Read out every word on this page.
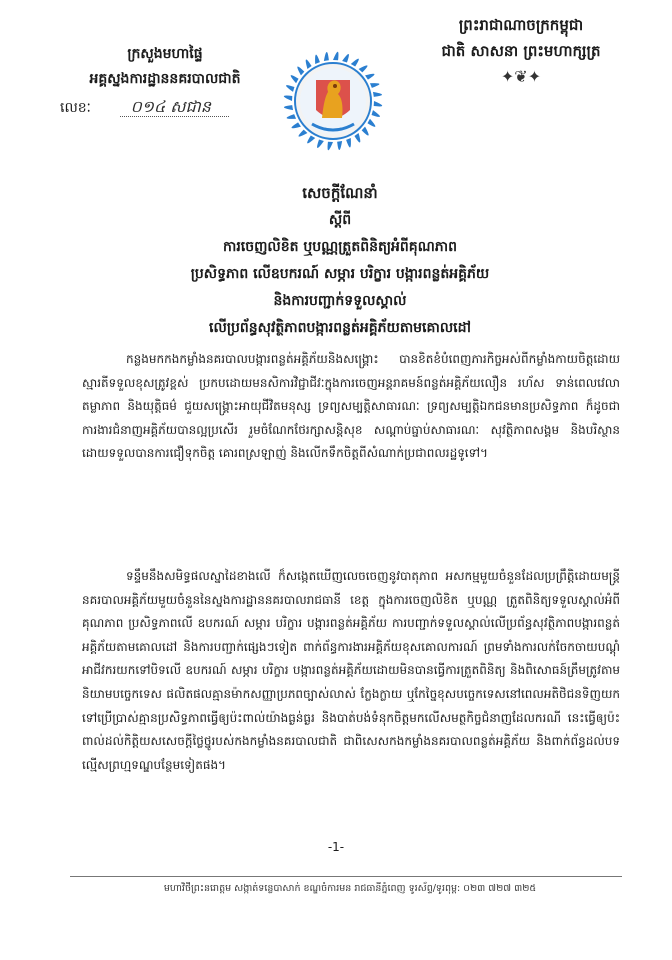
ព្រះរាជាណាចក្រកម្ពុជា
ជាតិ សាសនា ព្រះមហាក្សត្រ
✦❦✦
ក្រសួងមហាផ្ទៃ
អគ្គស្នងការដ្ឋាននគរបាលជាតិ
លេខៈ ០១៤ សជាន
សេចក្តីណែនាំ
ស្តីពី
ការចេញលិខិត ឬបណ្ណត្រួតពិនិត្យអំពីគុណភាព
ប្រសិទ្ធភាព លើឧបករណ៍ សម្ភារ បរិក្ខារ បង្ការពន្លត់អគ្គិភ័យ
និងការបញ្ជាក់ទទួលស្គាល់
លើប្រព័ន្ធសុវត្ថិភាពបង្ការពន្លត់អគ្គិភ័យតាមគោលដៅ

កន្លងមកកងកម្លាំងនគរបាលបង្ការពន្លត់អគ្គិភ័យនិងសង្គ្រោះ បានខិតខំបំពេញភារកិច្ចអស់ពីកម្លាំងកាយចិត្តដោយស្មារតីទទួលខុសត្រូវខ្ពស់ ប្រកបដោយមនសិការវិជ្ជាជីវៈក្នុងការចេញអន្តរាគមន៍ពន្លត់អគ្គិភ័យលឿន រហ័ស ទាន់ពេលវេលា តម្លាភាព និងយុត្តិធម៌ ជួយសង្គ្រោះអាយុជីវិតមនុស្ស ទ្រព្យសម្បត្តិសាធារណៈ ទ្រព្យសម្បត្តិឯកជនមានប្រសិទ្ធភាព ក៏ដូចជាការងារជំនាញអគ្គិភ័យបានល្អប្រសើរ រួមចំណែកថែរក្សាសន្តិសុខ សណ្តាប់ធ្នាប់សាធារណៈ សុវត្ថិភាពសង្គម និងបរិស្ថាន ដោយទទួលបានការជឿទុកចិត្ត គោរពស្រឡាញ់ និងលើកទឹកចិត្តពីសំណាក់ប្រជាពលរដ្ឋទូទៅ។

ទន្ទឹមនឹងសមិទ្ធផលស្នាដៃខាងលើ ក៏សង្កេតឃើញលេចចេញនូវបាតុភាព អសកម្មមួយចំនួនដែលប្រព្រឹត្តិដោយមន្រ្តីនគរបាលអគ្គិភ័យមួយចំនួននៃស្នងការដ្ឋាននគរបាលរាជធានី ខេត្ត ក្នុងការចេញលិខិត ឬបណ្ណ ត្រួតពិនិត្យទទួលស្គាល់អំពីគុណភាព ប្រសិទ្ធភាពលើ ឧបករណ៍ សម្ភារ បរិក្ខារ បង្ការពន្លត់អគ្គិភ័យ ការបញ្ជាក់ទទួលស្គាល់លើប្រព័ន្ធសុវត្ថិភាពបង្ការពន្លត់អគ្គិភ័យតាមគោលដៅ និងការបញ្ជាក់ផ្សេងៗទៀត ពាក់ព័ន្ធការងារអគ្គិភ័យខុសគោលការណ៍ ព្រមទាំងការលក់ចែកចាយបណ្តុំអាជីវករយកទៅបិទលើ ឧបករណ៍ សម្ភារ បរិក្ខារ បង្ការពន្លត់អគ្គិភ័យដោយមិនបានធ្វើការត្រួតពិនិត្យ និងពិសោធន៍ត្រឹមត្រូវតាមនិយាមបច្ចេកទេស ផលិតផលគ្មានម៉ាកសញ្ញាប្រភពច្បាស់លាស់ ក្លែងក្លាយ ឬកែច្នៃខុសបច្ចេកទេសនៅពេលអតិថិជនទិញយកទៅប្រើប្រាស់គ្មានប្រសិទ្ធភាពធ្វើឲ្យប៉ះពាល់យ៉ាងធ្ងន់ធ្ងរ និងបាត់បង់ទំនុកចិត្តមកលើសមត្ថកិច្ចជំនាញដែលករណី នេះធ្វើឲ្យប៉ះពាល់ដល់កិត្តិយសសេចក្តីថ្លៃថ្នូរបស់កងកម្លាំងនគរបាលជាតិ ជាពិសេសកងកម្លាំងនគរបាលពន្លត់អគ្គិភ័យ និងពាក់ព័ន្ធដល់បទល្មើសព្រហ្មទណ្ឌបន្ថែមទៀតផង។

-1-
មហាវិថីព្រះនរោត្តម សង្កាត់ទន្លេបាសាក់ ខណ្ឌចំការមន រាជធានីភ្នំពេញ ទូរស័ព្ទ/ទូរពុម្ព: ០២៣ ៧២៧ ៣២៥
